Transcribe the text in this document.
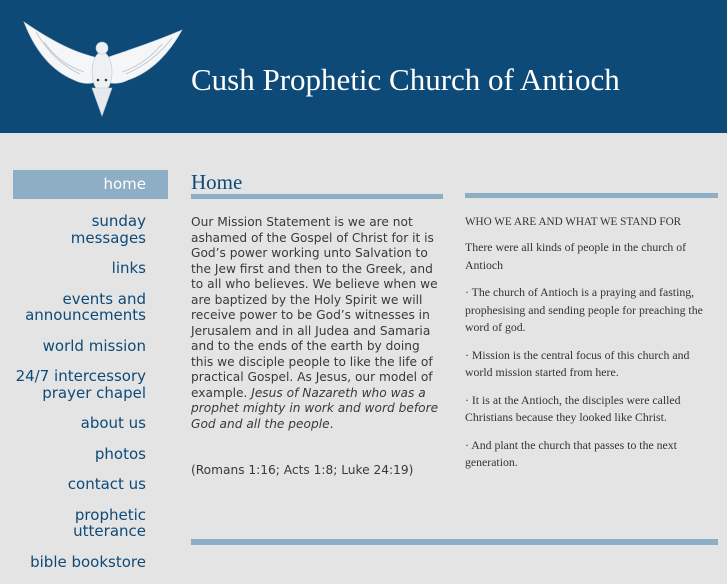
Cush Prophetic Church of Antioch
home
sunday
messages
links
events and
announcements
world mission
24/7 intercessory
prayer chapel
about us
photos
contact us
prophetic
utterance
bible bookstore
Home

Our Mission Statement is we are not ashamed of the Gospel of Christ for it is God’s power working unto Salvation to the Jew first and then to the Greek, and to all who believes. We believe when we are baptized by the Holy Spirit we will receive power to be God’s witnesses in Jerusalem and in all Judea and Samaria and to the ends of the earth by doing this we disciple people to like the life of practical Gospel. As Jesus, our model of example. Jesus of Nazareth who was a prophet mighty in work and word before God and all the people.

(Romans 1:16; Acts 1:8; Luke 24:19)

WHO WE ARE AND WHAT WE STAND FOR

There were all kinds of people in the church of Antioch

· The church of Antioch is a praying and fasting, prophesising and sending people for preaching the word of god.

· Mission is the central focus of this church and world mission started from here.

· It is at the Antioch, the disciples were called Christians because they looked like Christ.

· And plant the church that passes to the next generation.
